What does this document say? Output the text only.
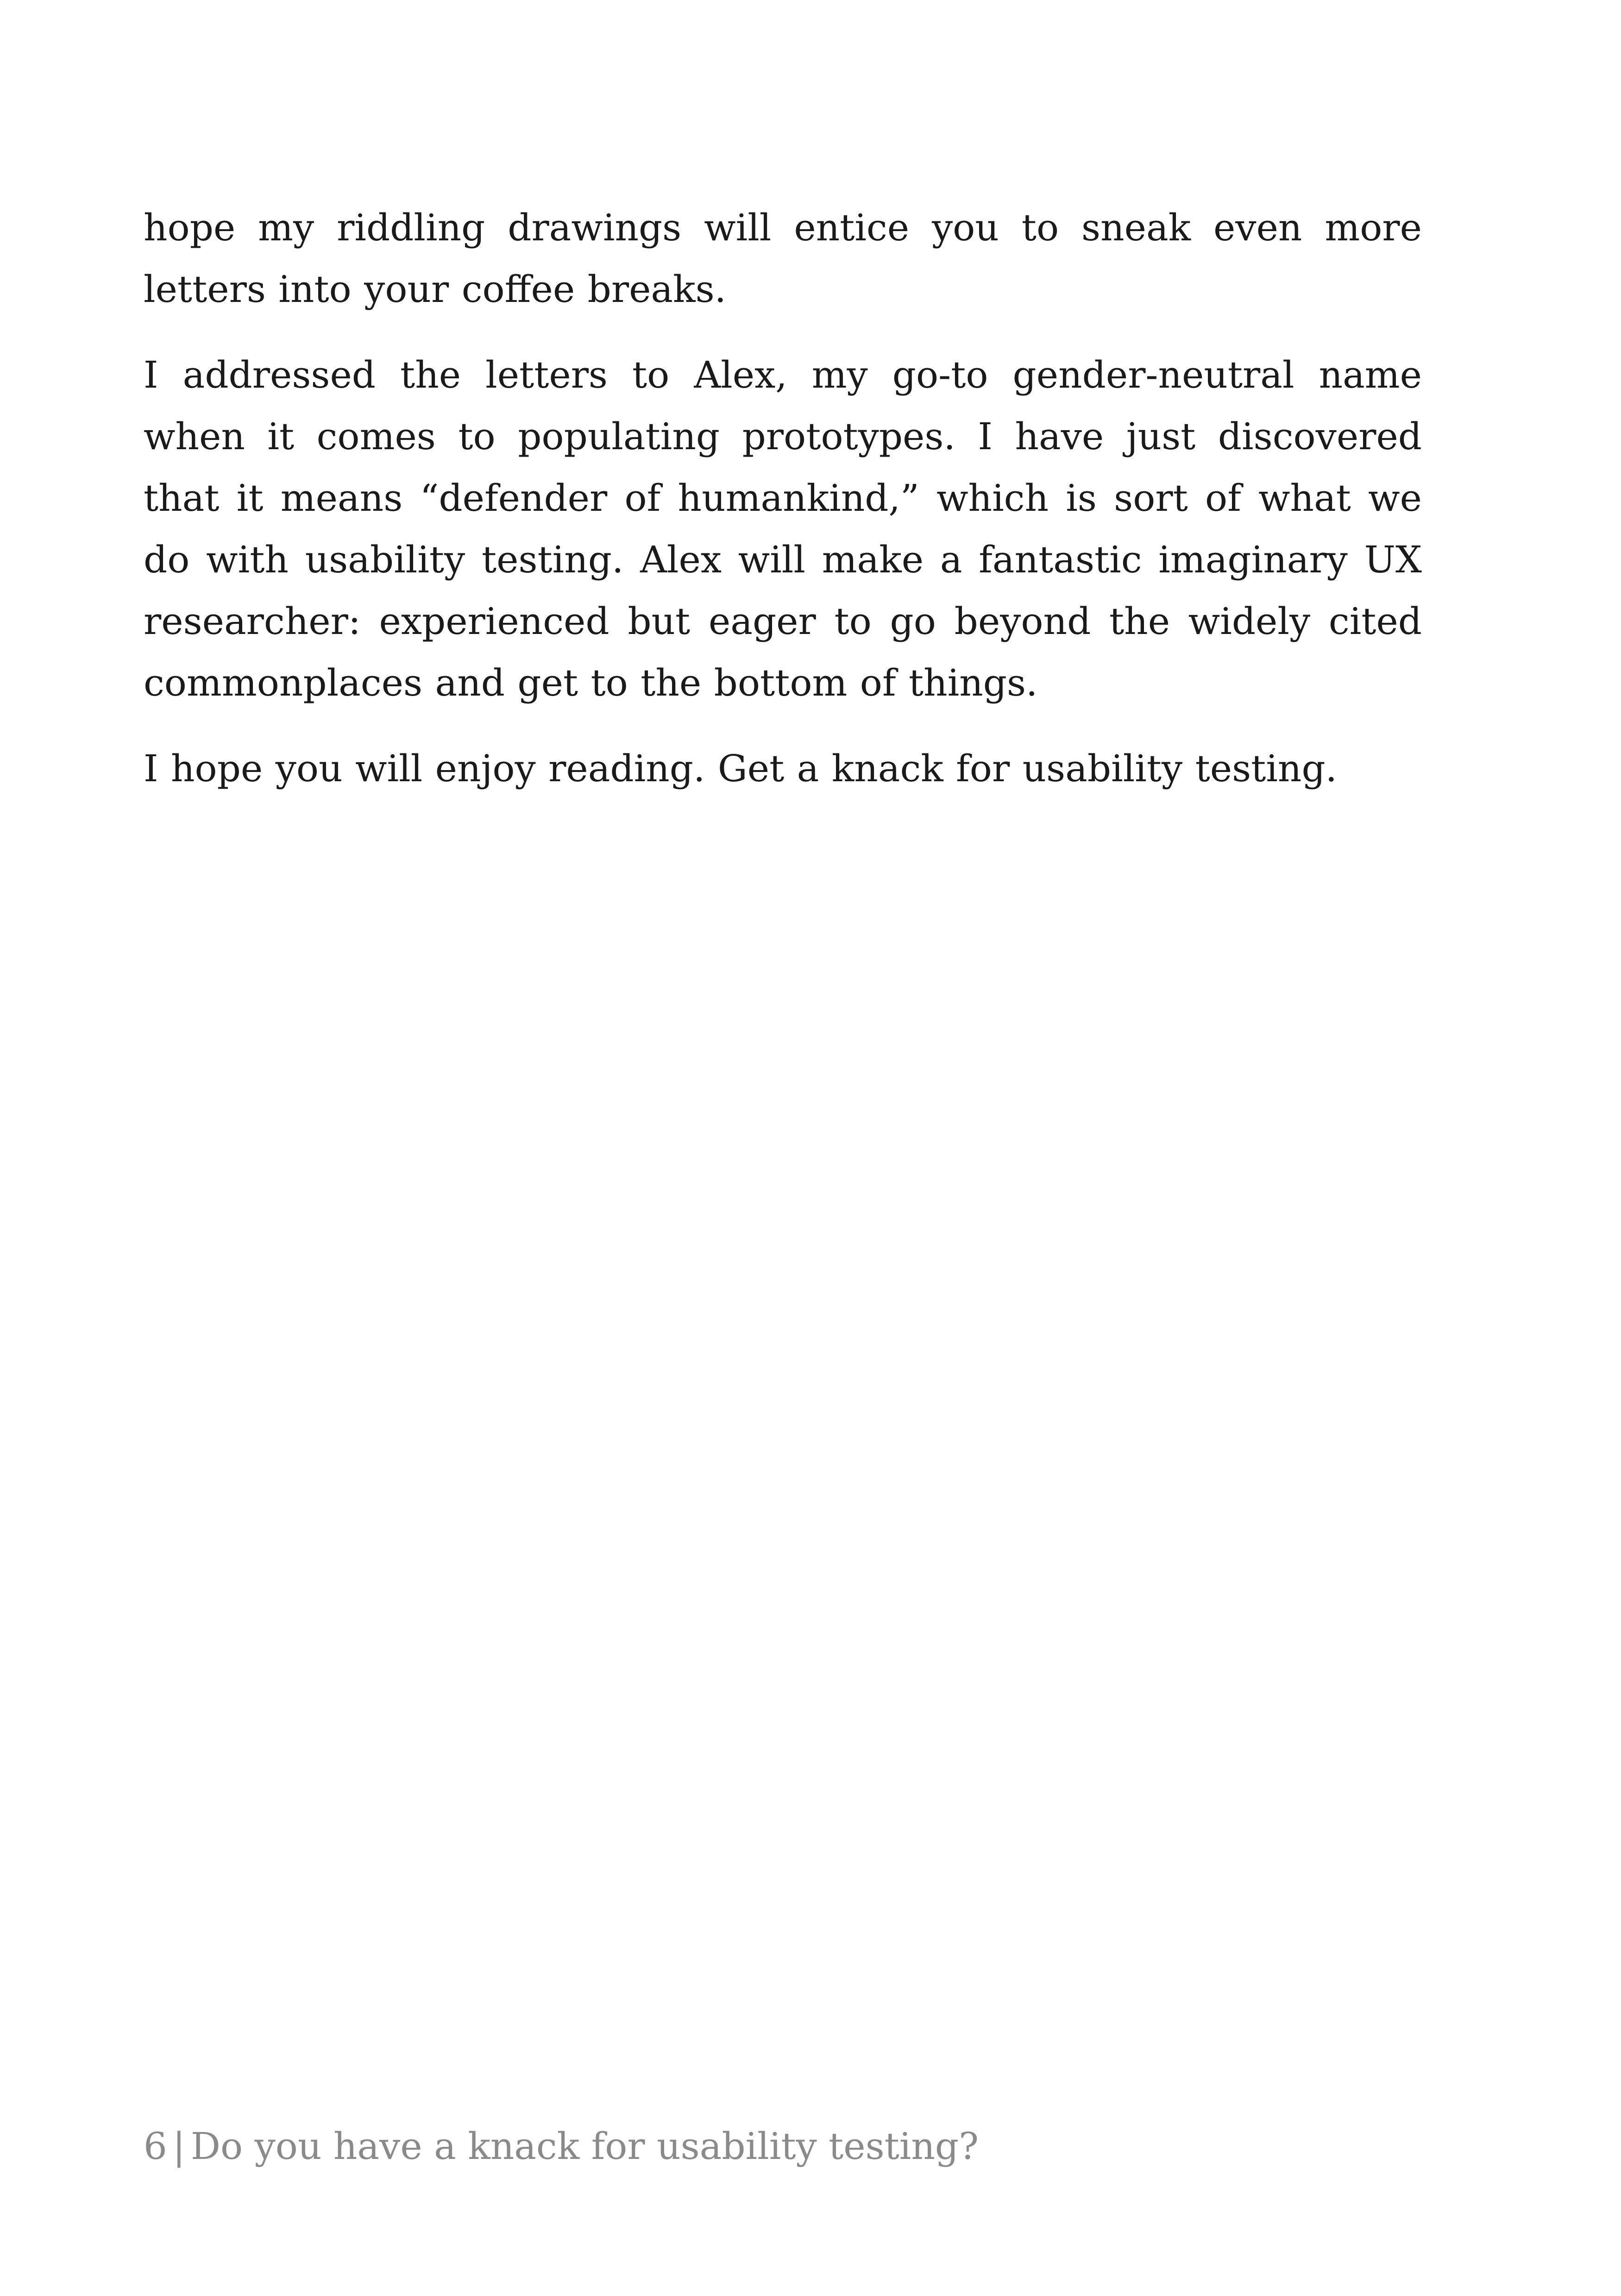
hope my riddling drawings will entice you to sneak even more letters into your coffee breaks.

I addressed the letters to Alex, my go-to gender-neutral name when it comes to populating prototypes. I have just discovered that it means “defender of humankind,” which is sort of what we do with usability testing. Alex will make a fantastic imaginary UX researcher: experienced but eager to go beyond the widely cited commonplaces and get to the bottom of things.

I hope you will enjoy reading. Get a knack for usability testing.

6 | Do you have a knack for usability testing?
